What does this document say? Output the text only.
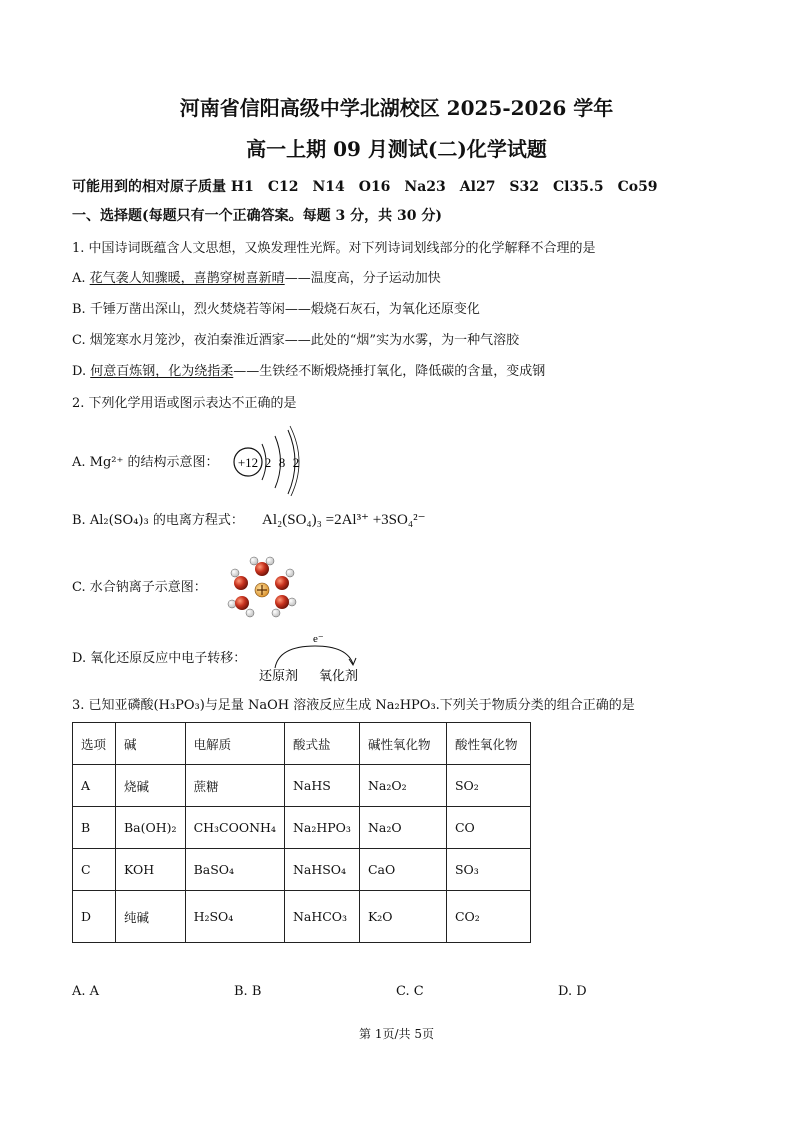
河南省信阳高级中学北湖校区 2025-2026 学年
高一上期 09 月测试(二)化学试题
可能用到的相对原子质量 H1　C12　N14　O16　Na23　Al27　S32　Cl35.5　Co59
一、选择题(每题只有一个正确答案。每题 3 分，共 30 分)
1. 中国诗词既蕴含人文思想，又焕发理性光辉。对下列诗词划线部分的化学解释不合理的是
A. 花气袭人知骤暖，喜鹊穿树喜新晴——温度高，分子运动加快
B. 千锤万凿出深山，烈火焚烧若等闲——煅烧石灰石，为氧化还原变化
C. 烟笼寒水月笼沙，夜泊秦淮近酒家——此处的“烟”实为水雾，为一种气溶胶
D. 何意百炼钢，化为绕指柔——生铁经不断煅烧捶打氧化，降低碳的含量，变成钢
2. 下列化学用语或图示表达不正确的是
A. Mg²⁺ 的结构示意图： +12 2 8 2
B. Al₂(SO₄)₃ 的电离方程式： Al₂(SO₄)₃ =2Al³⁺ +3SO₄²⁻
C. 水合钠离子示意图：
D. 氧化还原反应中电子转移：
e⁻
还原剂 氧化剂
3. 已知亚磷酸(H₃PO₃)与足量 NaOH 溶液反应生成 Na₂HPO₃.下列关于物质分类的组合正确的是
选项	碱	电解质	酸式盐	碱性氧化物	酸性氧化物
A	烧碱	蔗糖	NaHS	Na₂O₂	SO₂
B	Ba(OH)₂	CH₃COONH₄	Na₂HPO₃	Na₂O	CO
C	KOH	BaSO₄	NaHSO₄	CaO	SO₃
D	纯碱	H₂SO₄	NaHCO₃	K₂O	CO₂
A. A	B. B	C. C	D. D
第 1页/共 5页
